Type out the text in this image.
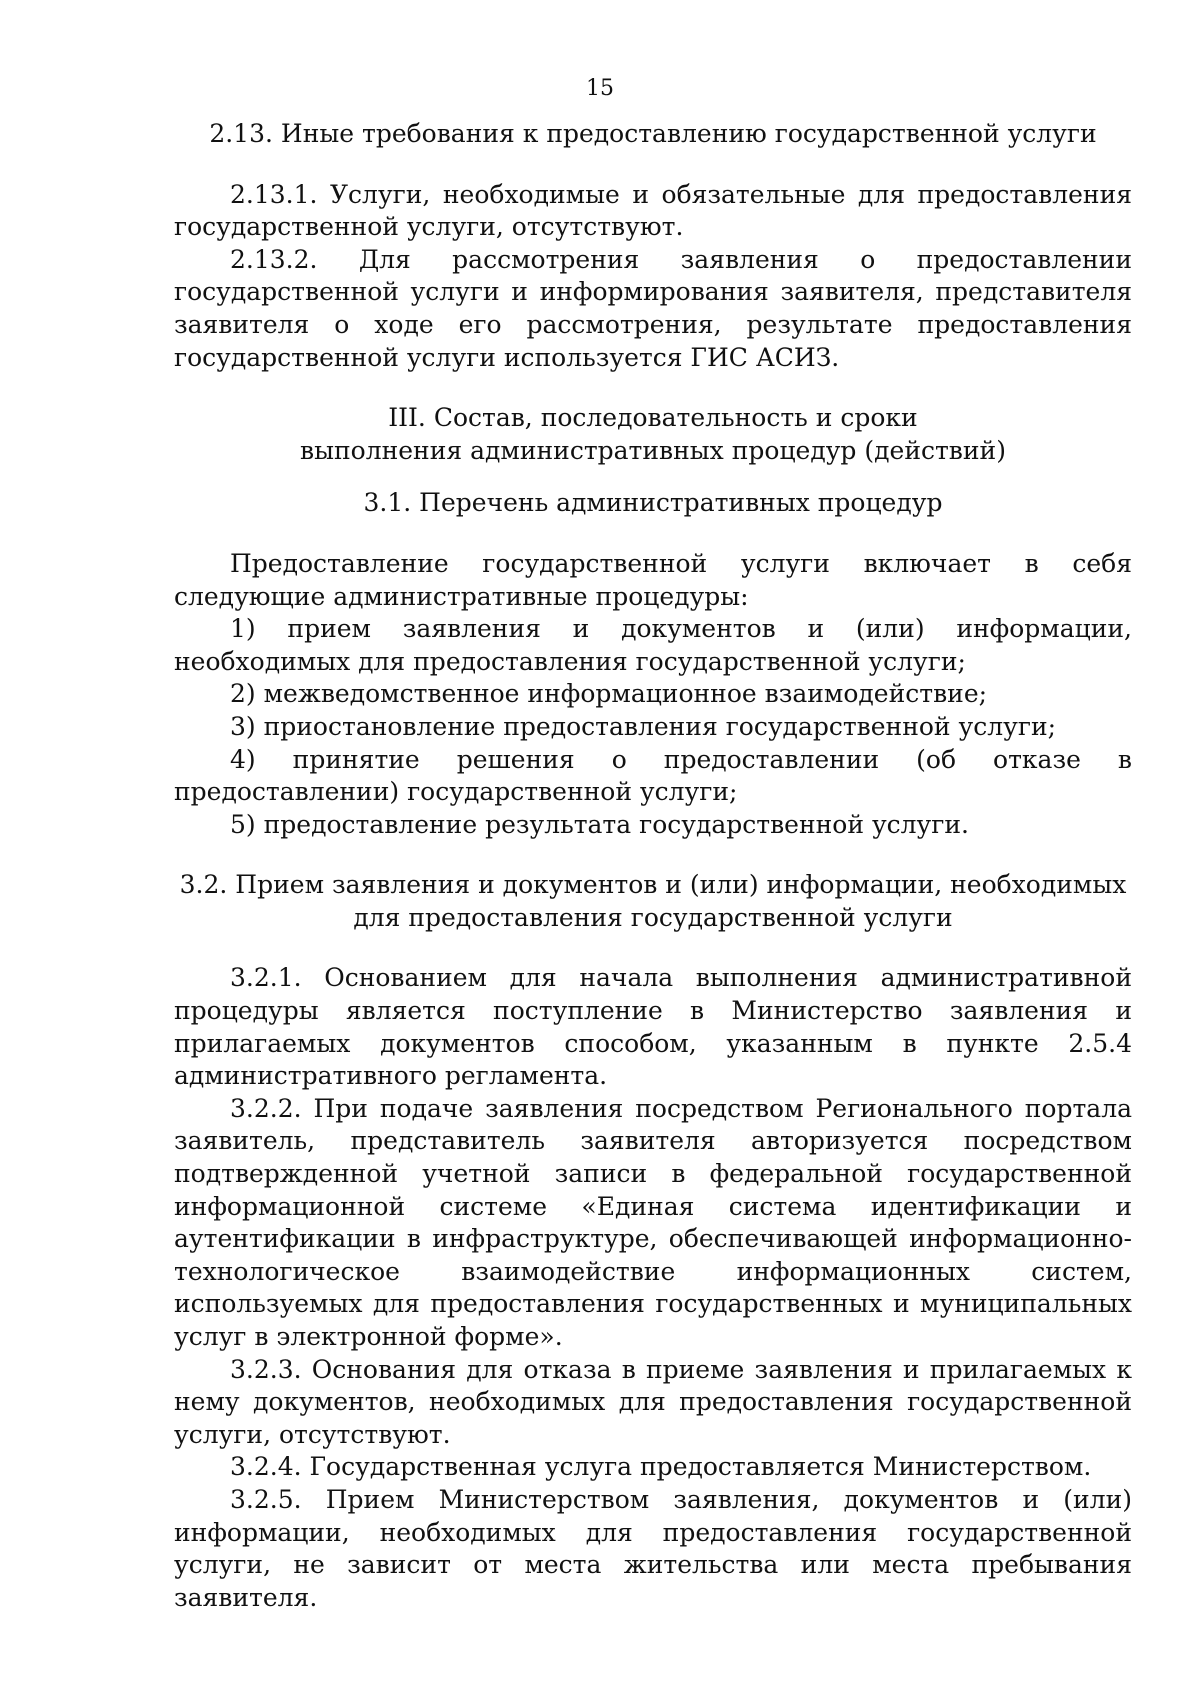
15

2.13. Иные требования к предоставлению государственной услуги

2.13.1. Услуги, необходимые и обязательные для предоставления государственной услуги, отсутствуют.

2.13.2. Для рассмотрения заявления о предоставлении государственной услуги и информирования заявителя, представителя заявителя о ходе его рассмотрения, результате предоставления государственной услуги используется ГИС АСИЗ.

III. Состав, последовательность и сроки

выполнения административных процедур (действий)

3.1. Перечень административных процедур

Предоставление государственной услуги включает в себя следующие административные процедуры:

1) прием заявления и документов и (или) информации, необходимых для предоставления государственной услуги;

2) межведомственное информационное взаимодействие;

3) приостановление предоставления государственной услуги;

4) принятие решения о предоставлении (об отказе в предоставлении) государственной услуги;

5) предоставление результата государственной услуги.

3.2. Прием заявления и документов и (или) информации, необходимых

для предоставления государственной услуги

3.2.1. Основанием для начала выполнения административной процедуры является поступление в Министерство заявления и прилагаемых документов способом, указанным в пункте 2.5.4 административного регламента.

3.2.2. При подаче заявления посредством Регионального портала заявитель, представитель заявителя авторизуется посредством подтвержденной учетной записи в федеральной государственной информационной системе «Единая система идентификации и аутентификации в инфраструктуре, обеспечивающей информационно-технологическое взаимодействие информационных систем, используемых для предоставления государственных и муниципальных услуг в электронной форме».

3.2.3. Основания для отказа в приеме заявления и прилагаемых к нему документов, необходимых для предоставления государственной услуги, отсутствуют.

3.2.4. Государственная услуга предоставляется Министерством.

3.2.5. Прием Министерством заявления, документов и (или) информации, необходимых для предоставления государственной услуги, не зависит от места жительства или места пребывания заявителя.
